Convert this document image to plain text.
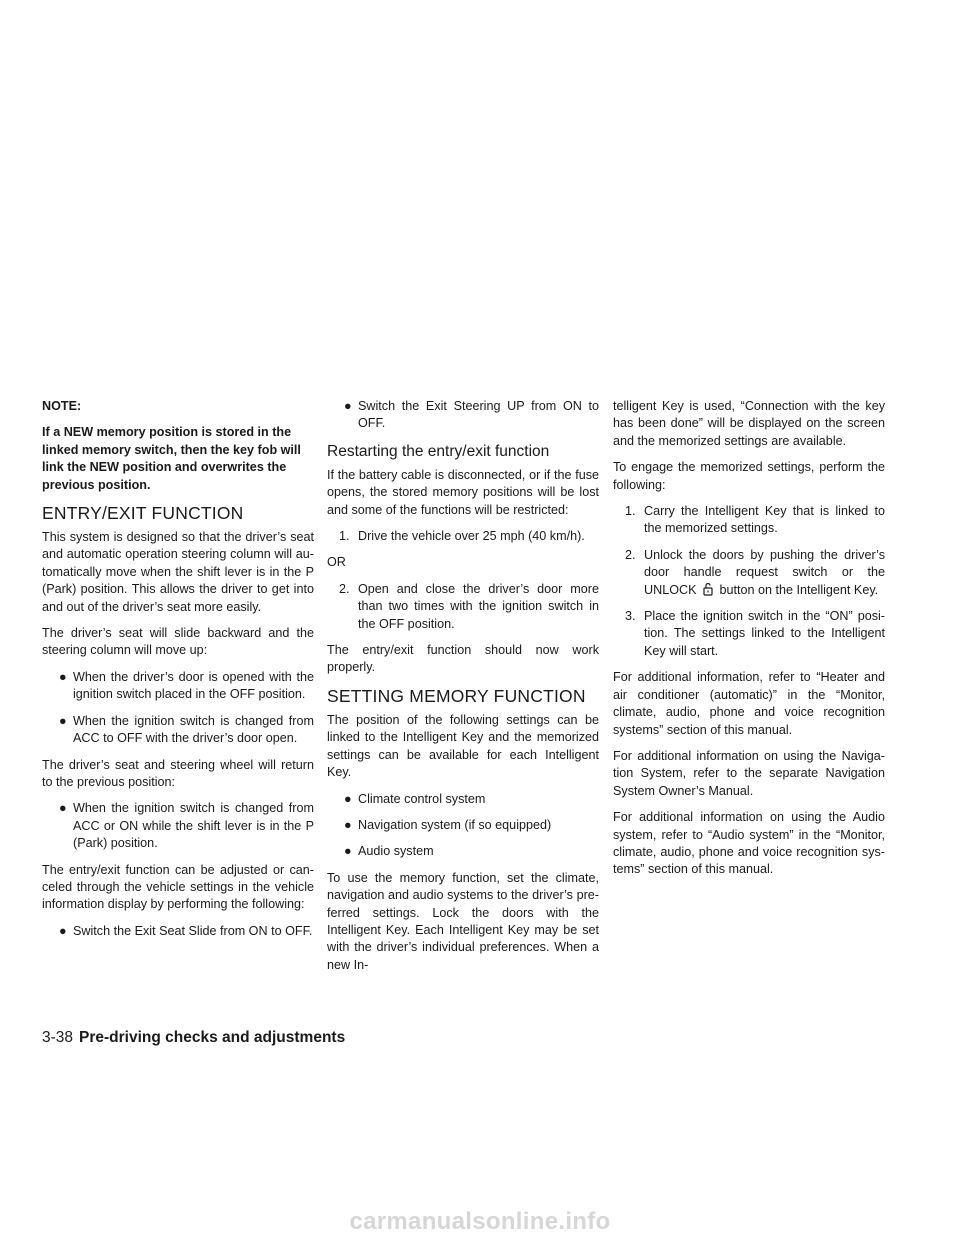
NOTE:

If a NEW memory position is stored in the linked memory switch, then the key fob will link the NEW position and overwrites the previous position.

ENTRY/EXIT FUNCTION

This system is designed so that the driver’s seat and automatic operation steering column will au-tomatically move when the shift lever is in the P (Park) position. This allows the driver to get into and out of the driver’s seat more easily.

The driver’s seat will slide backward and the steering column will move up:

● When the driver’s door is opened with the ignition switch placed in the OFF position.
● When the ignition switch is changed from ACC to OFF with the driver’s door open.

The driver’s seat and steering wheel will return to the previous position:

● When the ignition switch is changed from ACC or ON while the shift lever is in the P (Park) position.

The entry/exit function can be adjusted or can-celed through the vehicle settings in the vehicle information display by performing the following:

● Switch the Exit Seat Slide from ON to OFF.
● Switch the Exit Steering UP from ON to OFF.
Restarting the entry/exit function

If the battery cable is disconnected, or if the fuse opens, the stored memory positions will be lost and some of the functions will be restricted:

1. Drive the vehicle over 25 mph (40 km/h).
OR
2. Open and close the driver’s door more than two times with the ignition switch in the OFF position.

The entry/exit function should now work properly.

SETTING MEMORY FUNCTION

The position of the following settings can be linked to the Intelligent Key and the memorized settings can be available for each Intelligent Key.

● Climate control system
● Navigation system (if so equipped)
● Audio system

To use the memory function, set the climate, navigation and audio systems to the driver’s pre-ferred settings. Lock the doors with the Intelligent Key. Each Intelligent Key may be set with the driver’s individual preferences. When a new In-

telligent Key is used, “Connection with the key has been done” will be displayed on the screen and the memorized settings are available.

To engage the memorized settings, perform the following:

1. Carry the Intelligent Key that is linked to the memorized settings.
2. Unlock the doors by pushing the driver’s door handle request switch or the UNLOCK button on the Intelligent Key.
3. Place the ignition switch in the “ON” posi-tion. The settings linked to the Intelligent Key will start.

For additional information, refer to “Heater and air conditioner (automatic)” in the “Monitor, climate, audio, phone and voice recognition systems” section of this manual.

For additional information on using the Naviga-tion System, refer to the separate Navigation System Owner’s Manual.

For additional information on using the Audio system, refer to “Audio system” in the “Monitor, climate, audio, phone and voice recognition sys-tems” section of this manual.

3-38 Pre-driving checks and adjustments
carmanualsonline.info
